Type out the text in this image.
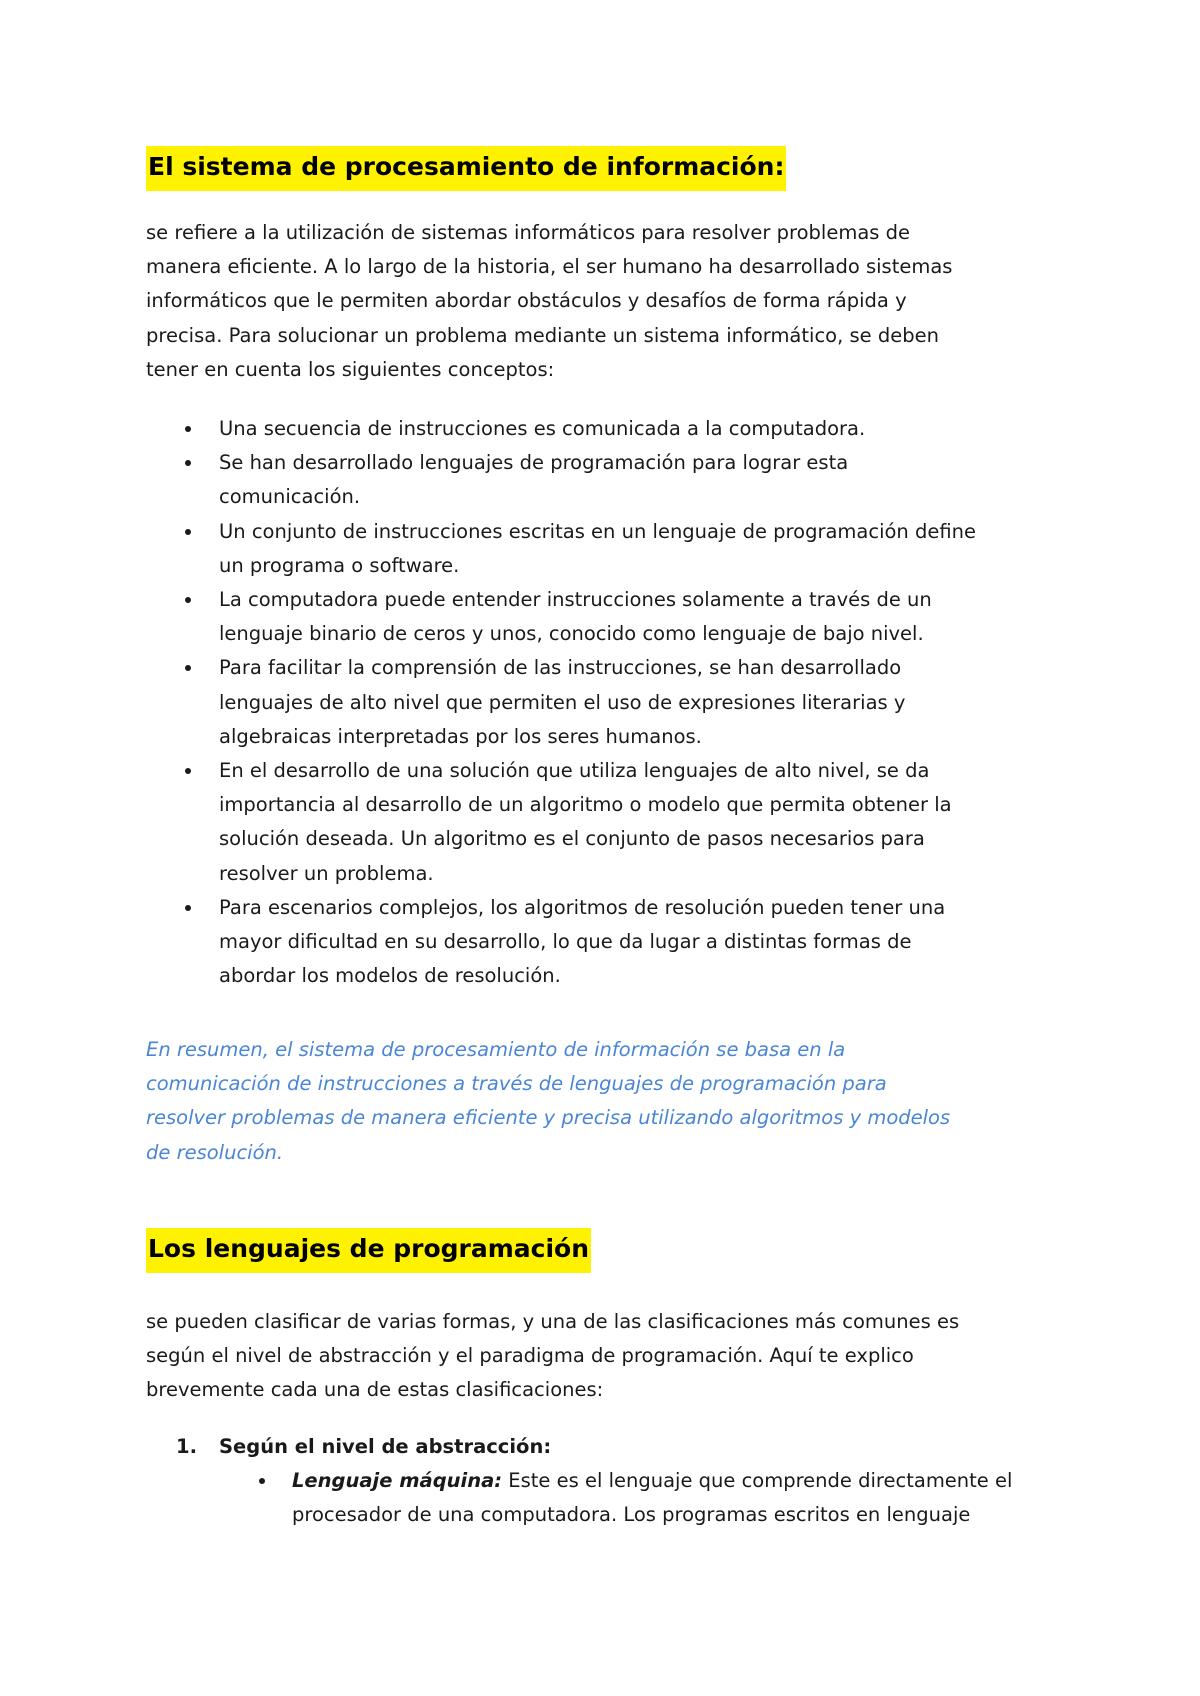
El sistema de procesamiento de información:

se refiere a la utilización de sistemas informáticos para resolver problemas de
manera eficiente. A lo largo de la historia, el ser humano ha desarrollado sistemas
informáticos que le permiten abordar obstáculos y desafíos de forma rápida y
precisa. Para solucionar un problema mediante un sistema informático, se deben
tener en cuenta los siguientes conceptos:

Una secuencia de instrucciones es comunicada a la computadora.
Se han desarrollado lenguajes de programación para lograr esta
comunicación.
Un conjunto de instrucciones escritas en un lenguaje de programación define
un programa o software.
La computadora puede entender instrucciones solamente a través de un
lenguaje binario de ceros y unos, conocido como lenguaje de bajo nivel.
Para facilitar la comprensión de las instrucciones, se han desarrollado
lenguajes de alto nivel que permiten el uso de expresiones literarias y
algebraicas interpretadas por los seres humanos.
En el desarrollo de una solución que utiliza lenguajes de alto nivel, se da
importancia al desarrollo de un algoritmo o modelo que permita obtener la
solución deseada. Un algoritmo es el conjunto de pasos necesarios para
resolver un problema.
Para escenarios complejos, los algoritmos de resolución pueden tener una
mayor dificultad en su desarrollo, lo que da lugar a distintas formas de
abordar los modelos de resolución.

En resumen, el sistema de procesamiento de información se basa en la
comunicación de instrucciones a través de lenguajes de programación para
resolver problemas de manera eficiente y precisa utilizando algoritmos y modelos
de resolución.

Los lenguajes de programación

se pueden clasificar de varias formas, y una de las clasificaciones más comunes es
según el nivel de abstracción y el paradigma de programación. Aquí te explico
brevemente cada una de estas clasificaciones:

1. Según el nivel de abstracción:
Lenguaje máquina: Este es el lenguaje que comprende directamente el
procesador de una computadora. Los programas escritos en lenguaje
